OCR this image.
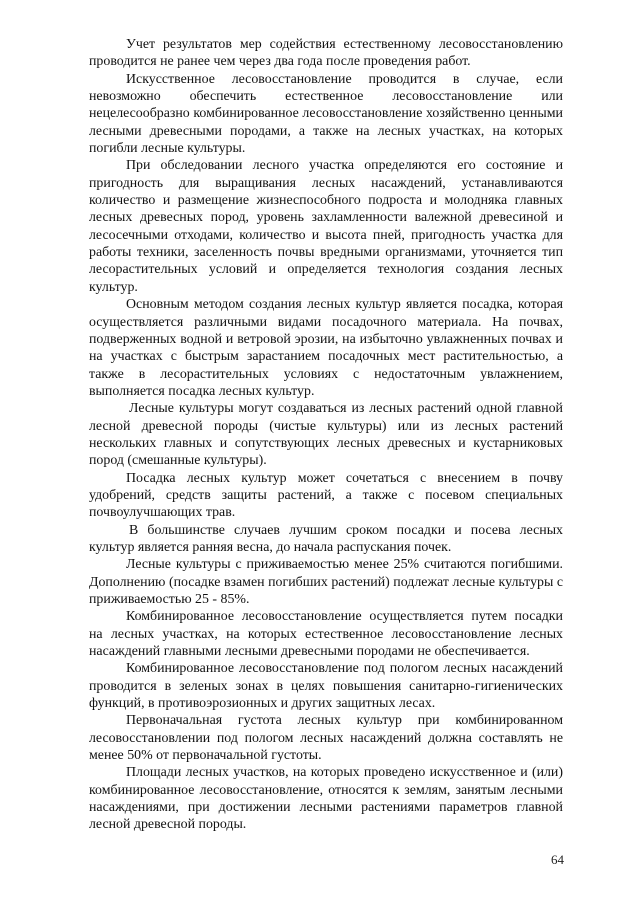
Учет результатов мер содействия естественному лесовосстановлению проводится не ранее чем через два года после проведения работ.

Искусственное лесовосстановление проводится в случае, если невозможно обеспечить естественное лесовосстановление или нецелесообразно комбинированное лесовосстановление хозяйственно ценными лесными древесными породами, а также на лесных участках, на которых погибли лесные культуры.

При обследовании лесного участка определяются его состояние и пригодность для выращивания лесных насаждений, устанавливаются количество и размещение жизнеспособного подроста и молодняка главных лесных древесных пород, уровень захламленности валежной древесиной и лесосечными отходами, количество и высота пней, пригодность участка для работы техники, заселенность почвы вредными организмами, уточняется тип лесорастительных условий и определяется технология создания лесных культур.

Основным методом создания лесных культур является посадка, которая осуществляется различными видами посадочного материала. На почвах, подверженных водной и ветровой эрозии, на избыточно увлажненных почвах и на участках с быстрым зарастанием посадочных мест растительностью, а также в лесорастительных условиях с недостаточным увлажнением, выполняется посадка лесных культур.

Лесные культуры могут создаваться из лесных растений одной главной лесной древесной породы (чистые культуры) или из лесных растений нескольких главных и сопутствующих лесных древесных и кустарниковых пород (смешанные культуры).

Посадка лесных культур может сочетаться с внесением в почву удобрений, средств защиты растений, а также с посевом специальных почвоулучшающих трав.

В большинстве случаев лучшим сроком посадки и посева лесных культур является ранняя весна, до начала распускания почек.

Лесные культуры с приживаемостью менее 25% считаются погибшими. Дополнению (посадке взамен погибших растений) подлежат лесные культуры с приживаемостью 25 - 85%.

Комбинированное лесовосстановление осуществляется путем посадки на лесных участках, на которых естественное лесовосстановление лесных насаждений главными лесными древесными породами не обеспечивается.

Комбинированное лесовосстановление под пологом лесных насаждений проводится в зеленых зонах в целях повышения санитарно-гигиенических функций, в противоэрозионных и других защитных лесах.

Первоначальная густота лесных культур при комбинированном лесовосстановлении под пологом лесных насаждений должна составлять не менее 50% от первоначальной густоты.

Площади лесных участков, на которых проведено искусственное и (или) комбинированное лесовосстановление, относятся к землям, занятым лесными насаждениями, при достижении лесными растениями параметров главной лесной древесной породы.

64
